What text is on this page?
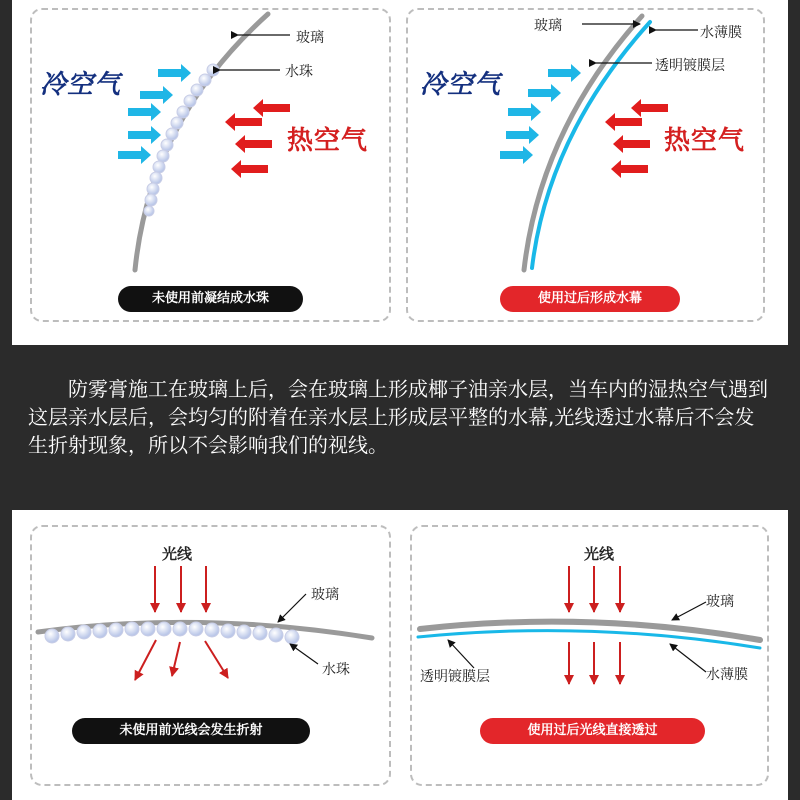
玻璃
水珠
冷空气
热空气
未使用前凝结成水珠
玻璃	水薄膜
透明镀膜层
冷空气
热空气
使用过后形成水幕

防雾膏施工在玻璃上后，会在玻璃上形成椰子油亲水层，当车内的湿热空气遇到这层亲水层后，会均匀的附着在亲水层上形成层平整的水幕,光线透过水幕后不会发生折射现象，所以不会影响我们的视线。

光线
玻璃
水珠
未使用前光线会发生折射
光线
玻璃
透明镀膜层	水薄膜
使用过后光线直接透过
